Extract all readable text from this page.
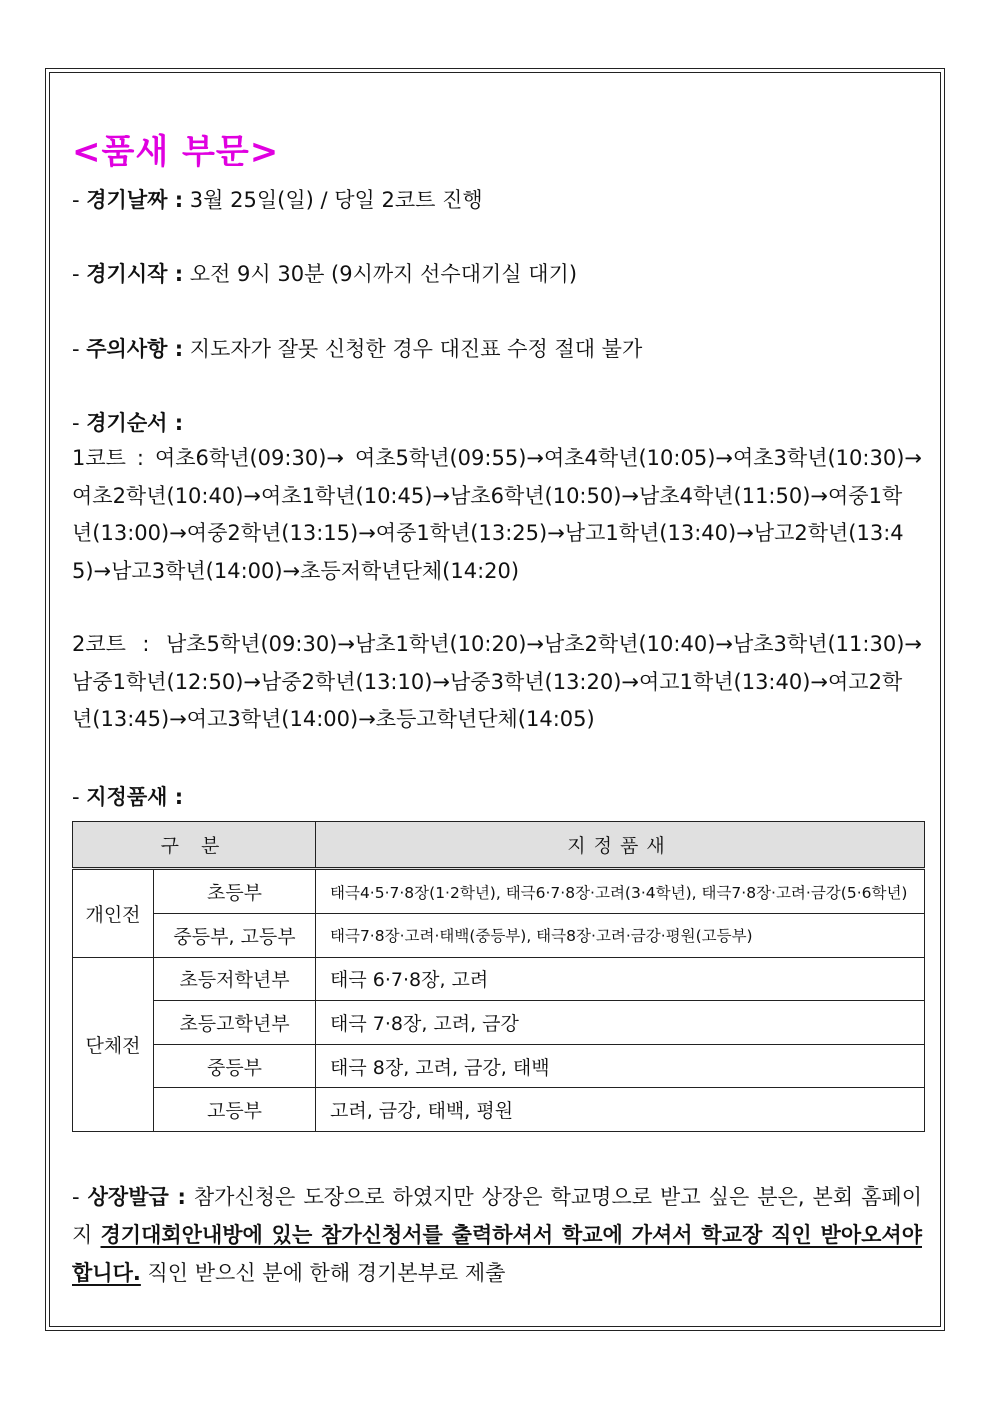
<품새 부문>
- 경기날짜 : 3월 25일(일) / 당일 2코트 진행
- 경기시작 : 오전 9시 30분 (9시까지 선수대기실 대기)
- 주의사항 : 지도자가 잘못 신청한 경우 대진표 수정 절대 불가
- 경기순서 :
1코트 : 여초6학년(09:30)→ 여초5학년(09:55)→여초4학년(10:05)→여초3학년(10:30)→여초2학년(10:40)→여초1학년(10:45)→남초6학년(10:50)→남초4학년(11:50)→여중1학년(13:00)→여중2학년(13:15)→여중1학년(13:25)→남고1학년(13:40)→남고2학년(13:45)→남고3학년(14:00)→초등저학년단체(14:20)
2코트 : 남초5학년(09:30)→남초1학년(10:20)→남초2학년(10:40)→남초3학년(11:30)→남중1학년(12:50)→남중2학년(13:10)→남중3학년(13:20)→여고1학년(13:40)→여고2학년(13:45)→여고3학년(14:00)→초등고학년단체(14:05)
- 지정품새 :
구 분		지정품새
개인전	초등부	태극4·5·7·8장(1·2학년), 태극6·7·8장·고려(3·4학년), 태극7·8장·고려·금강(5·6학년)
	중등부, 고등부	태극7·8장·고려·태백(중등부), 태극8장·고려·금강·평원(고등부)
단체전	초등저학년부	태극 6·7·8장, 고려
	초등고학년부	태극 7·8장, 고려, 금강
	중등부	태극 8장, 고려, 금강, 태백
	고등부	고려, 금강, 태백, 평원
- 상장발급 : 참가신청은 도장으로 하였지만 상장은 학교명으로 받고 싶은 분은, 본회 홈페이지 경기대회안내방에 있는 참가신청서를 출력하셔서 학교에 가셔서 학교장 직인 받아오셔야 합니다. 직인 받으신 분에 한해 경기본부로 제출
